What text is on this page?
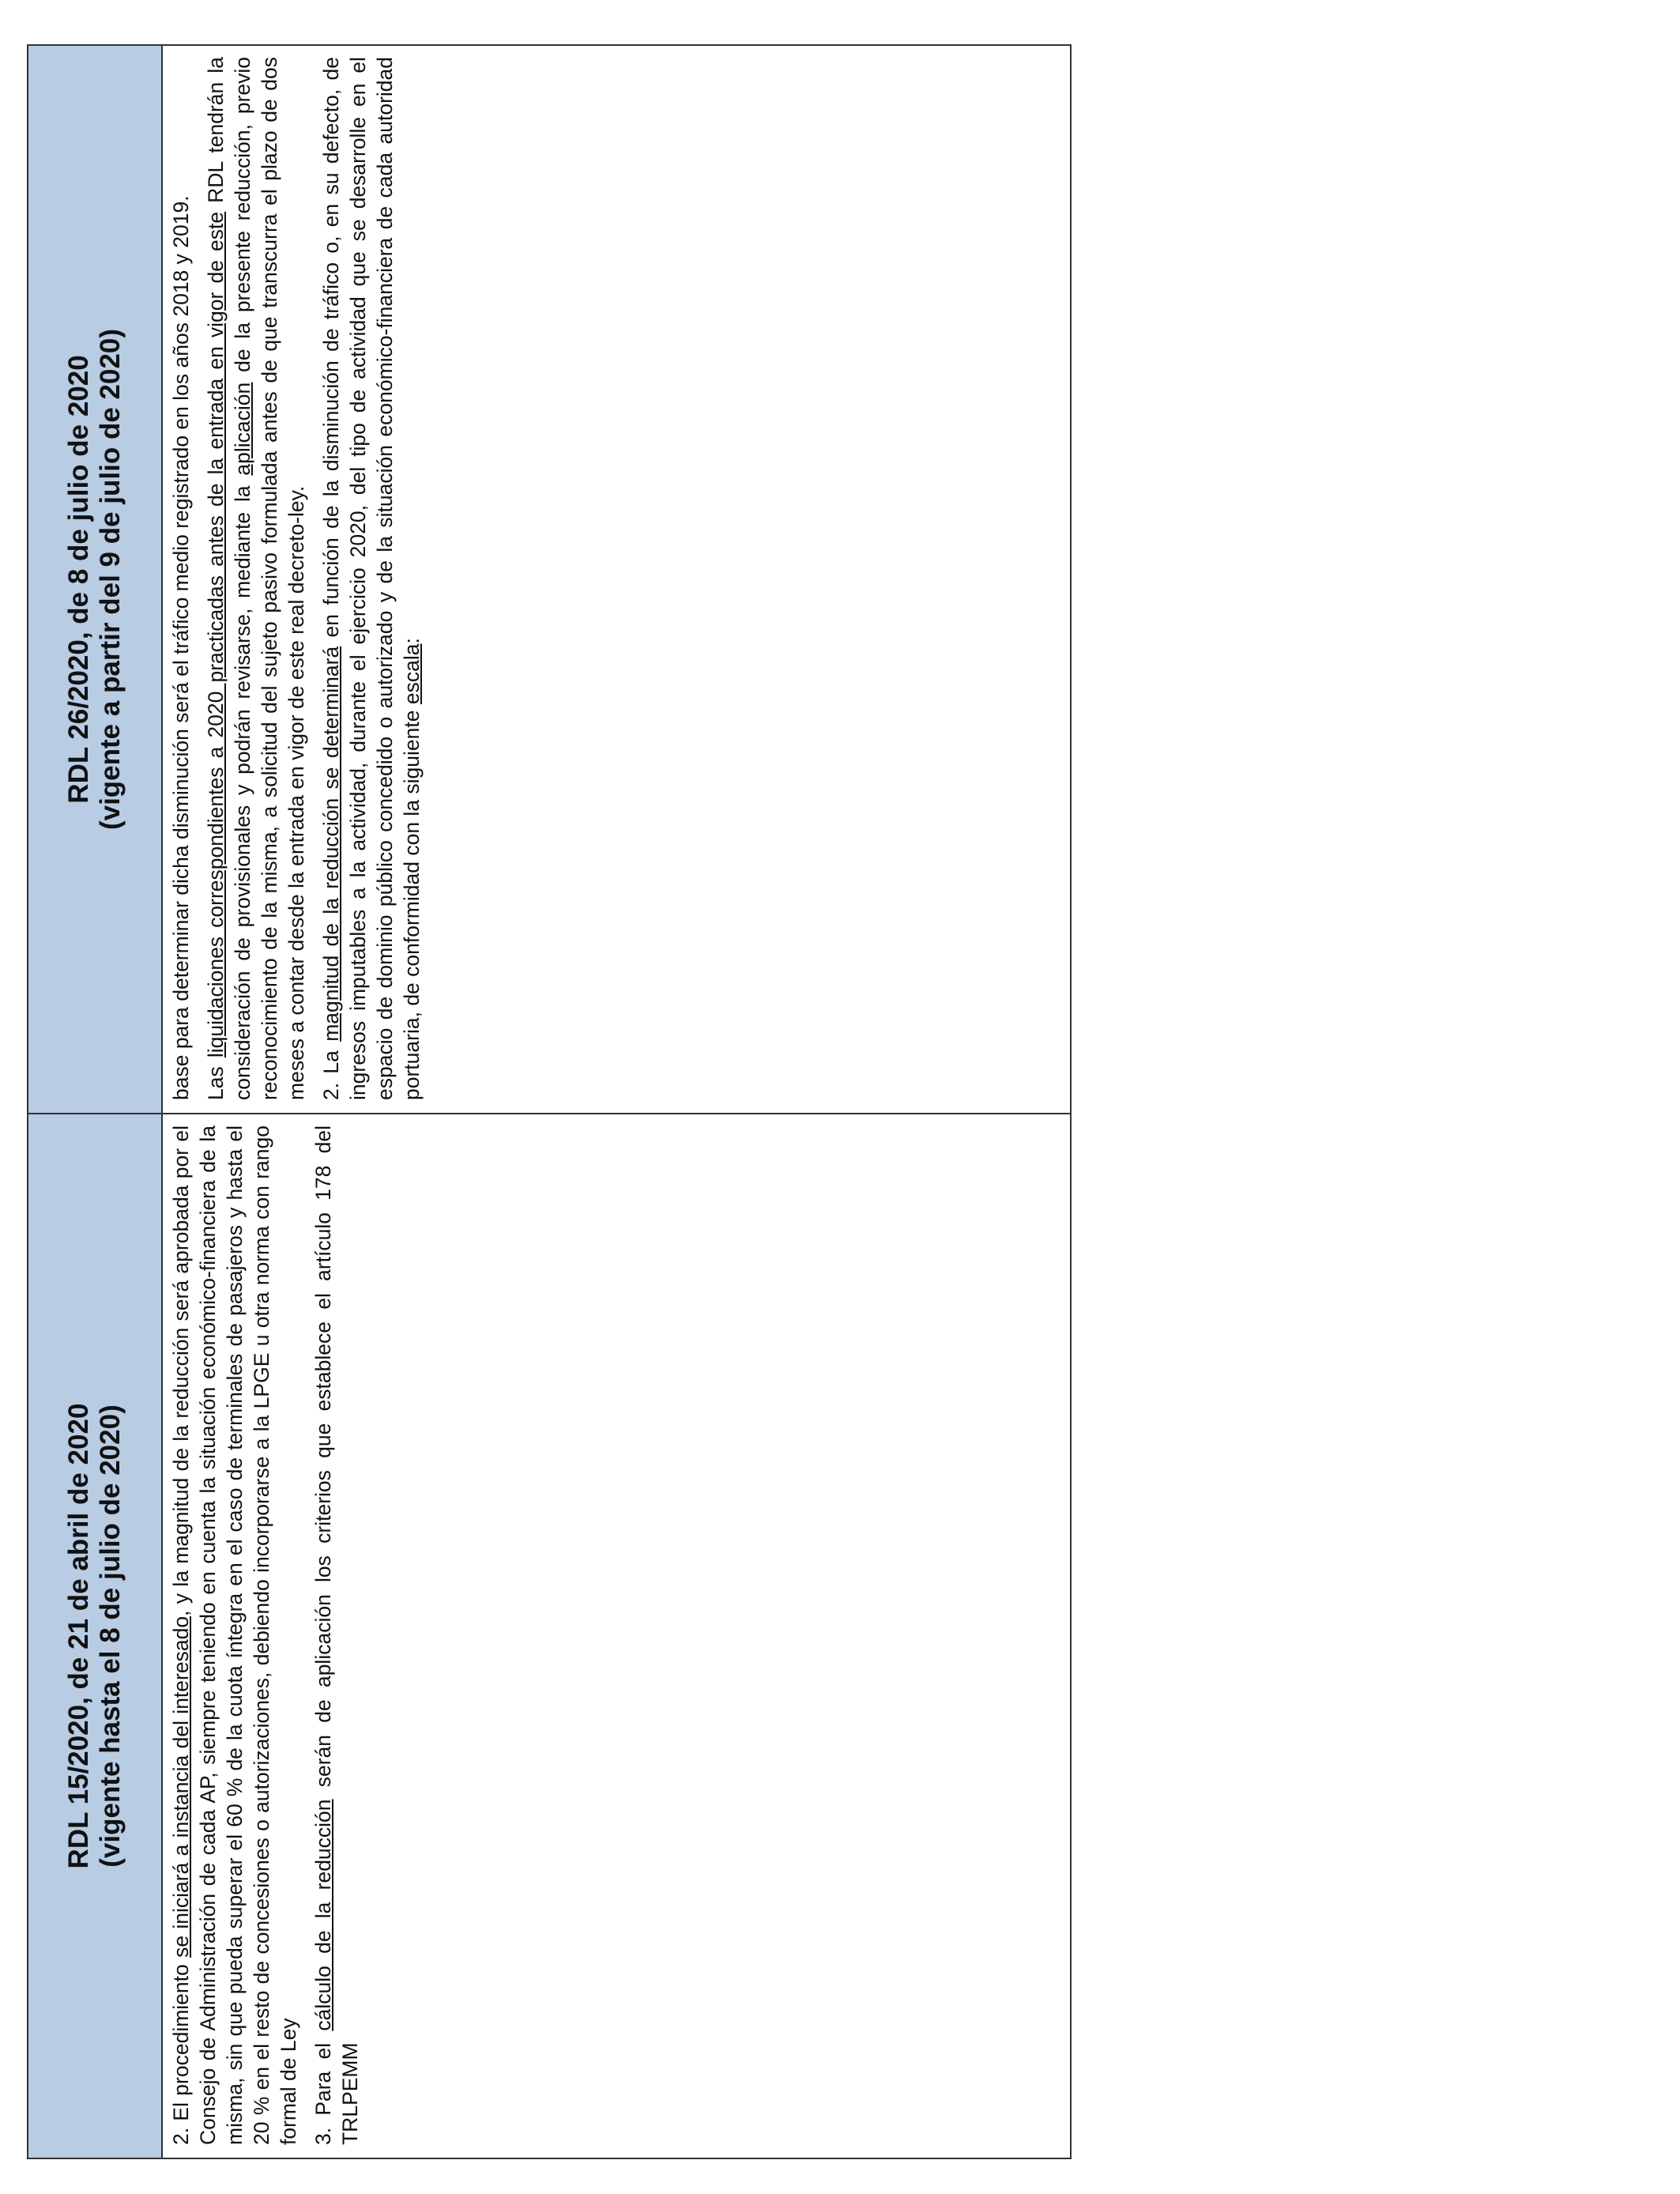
RDL 15/2020, de 21 de abril de 2020 (vigente hasta el 8 de julio de 2020)
RDL 26/2020, de 8 de julio de 2020 (vigente a partir del 9 de julio de 2020)

2. El procedimiento se iniciará a instancia del interesado, y la magnitud de la reducción será aprobada por el Consejo de Administración de cada AP, siempre teniendo en cuenta la situación económico-financiera de la misma, sin que pueda superar el 60 % de la cuota íntegra en el caso de terminales de pasajeros y hasta el 20 % en el resto de concesiones o autorizaciones, debiendo incorporarse a la LPGE u otra norma con rango formal de Ley 3. Para el cálculo de la reducción serán de aplicación los criterios que establece el artículo 178 del TRLPEMM

base para determinar dicha disminución será el tráfico medio registrado en los años 2018 y 2019. Las liquidaciones correspondientes a 2020 practicadas antes de la entrada en vigor de este RDL tendrán la consideración de provisionales y podrán revisarse, mediante la aplicación de la presente reducción, previo reconocimiento de la misma, a solicitud del sujeto pasivo formulada antes de que transcurra el plazo de dos meses a contar desde la entrada en vigor de este real decreto-ley. 2. La magnitud de la reducción se determinará en función de la disminución de tráfico o, en su defecto, de ingresos imputables a la actividad, durante el ejercicio 2020, del tipo de actividad que se desarrolle en el espacio de dominio público concedido o autorizado y de la situación económico-financiera de cada autoridad portuaria, de conformidad con la siguiente escala:
